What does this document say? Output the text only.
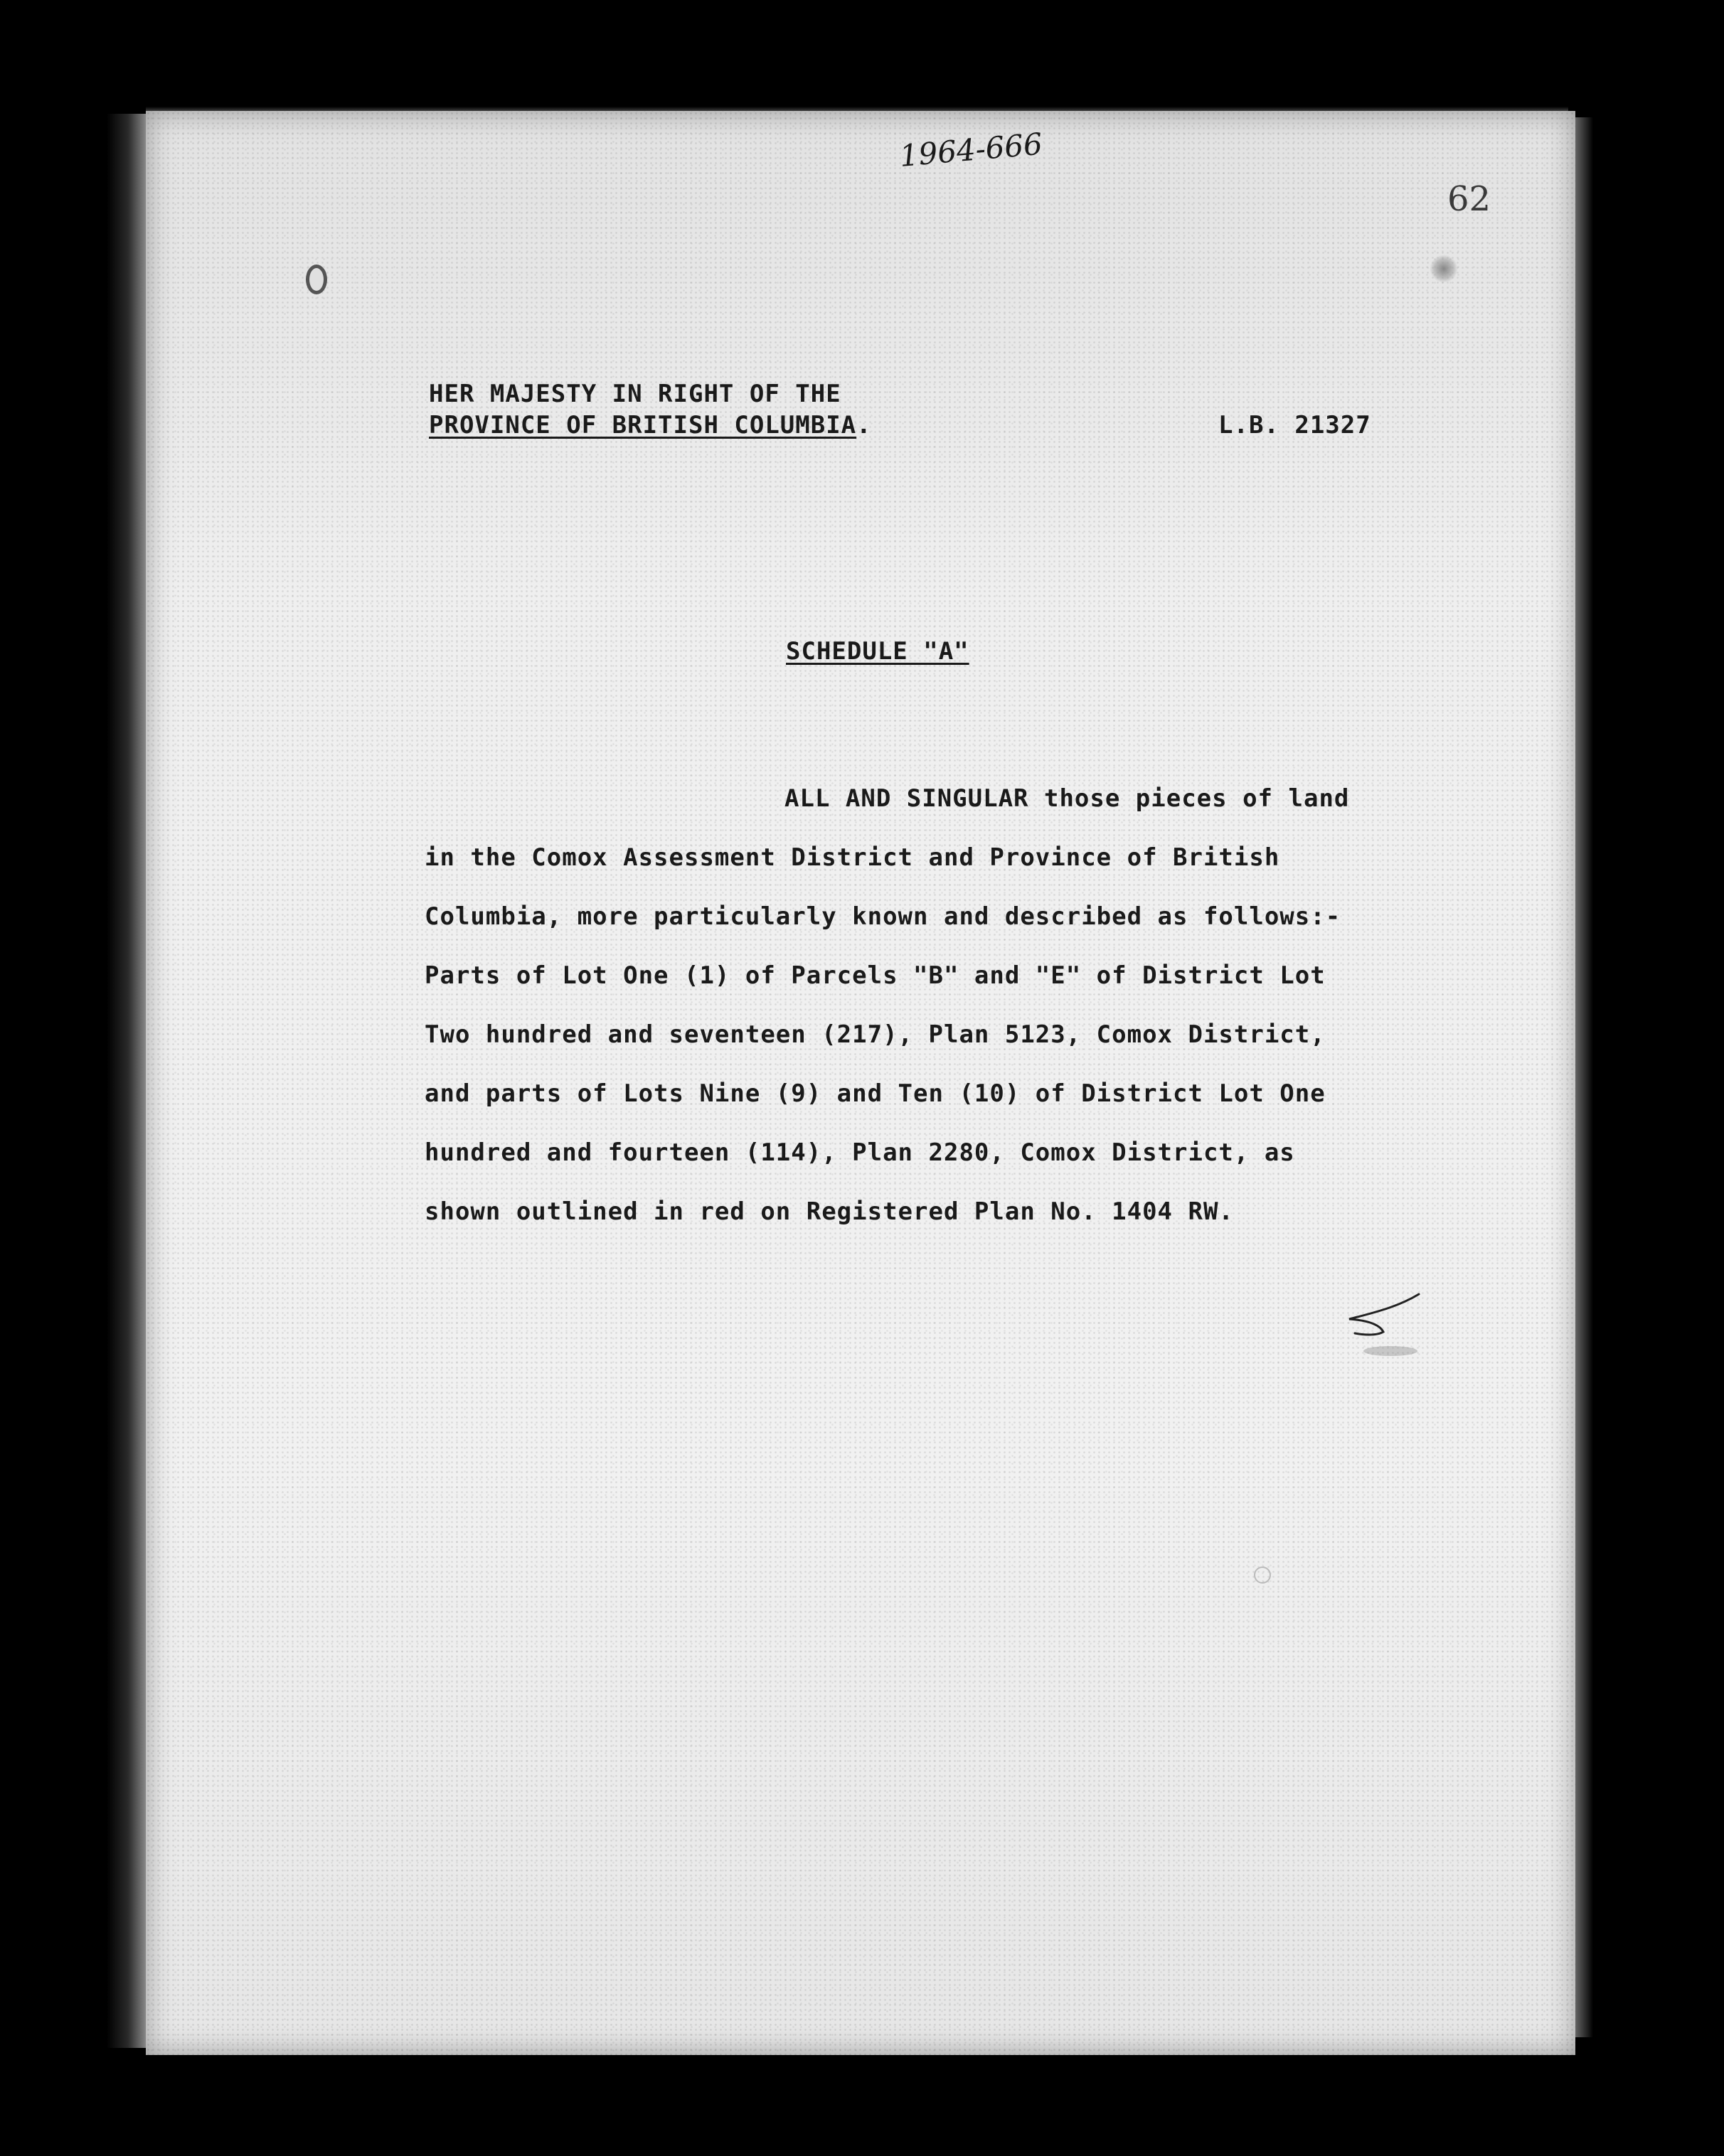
1964-666
62
HER MAJESTY IN RIGHT OF THE
PROVINCE OF BRITISH COLUMBIA.	L.B. 21327
SCHEDULE "A"
ALL AND SINGULAR those pieces of land
in the Comox Assessment District and Province of British
Columbia, more particularly known and described as follows:-
Parts of Lot One (1) of Parcels "B" and "E" of District Lot
Two hundred and seventeen (217), Plan 5123, Comox District,
and parts of Lots Nine (9) and Ten (10) of District Lot One
hundred and fourteen (114), Plan 2280, Comox District, as
shown outlined in red on Registered Plan No. 1404 RW.
